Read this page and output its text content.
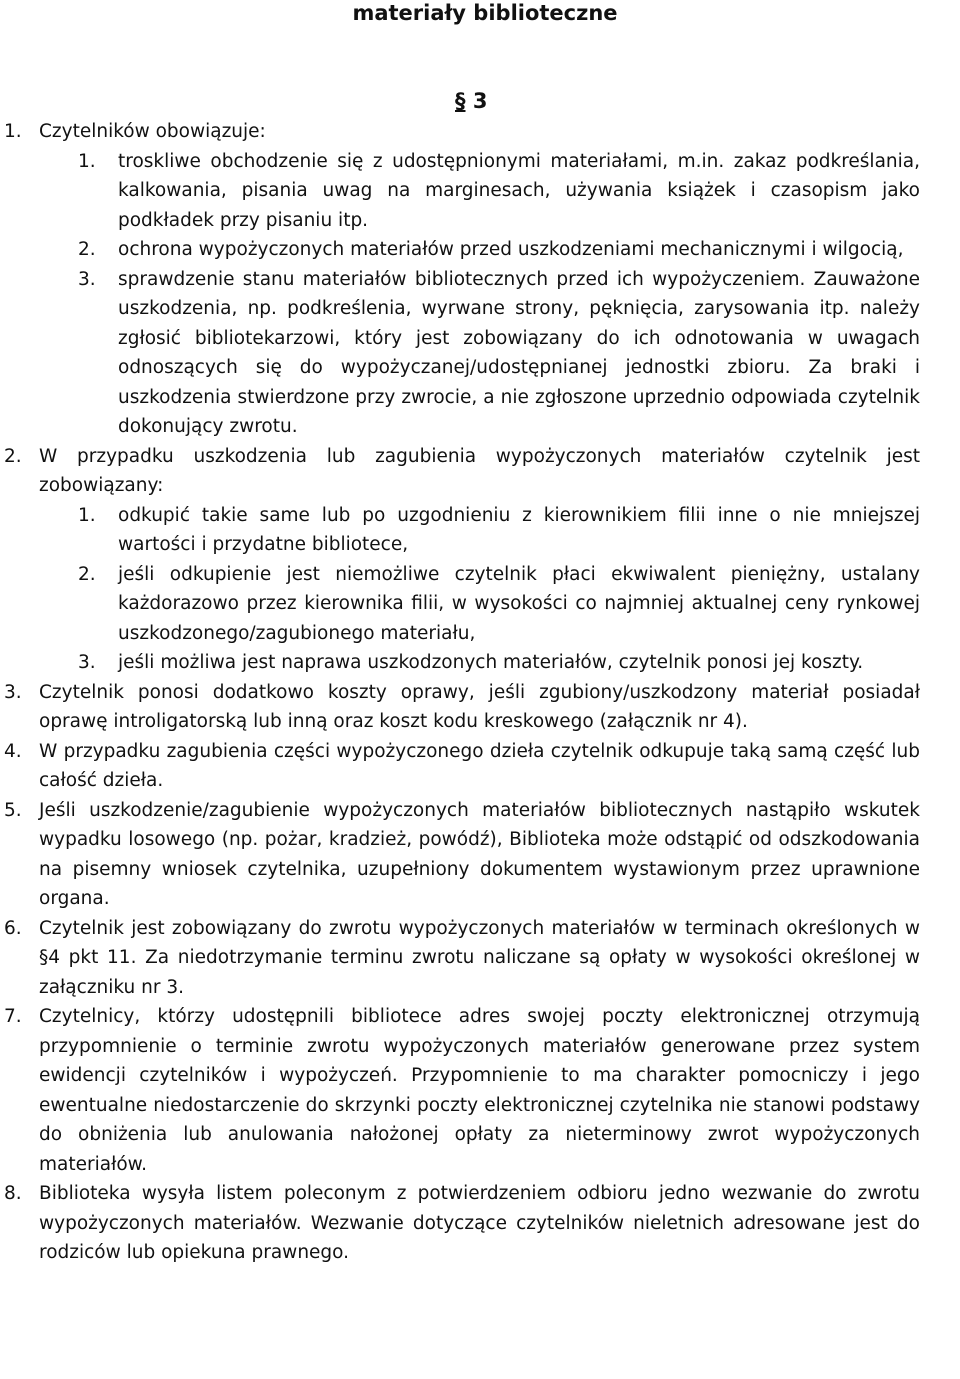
materiały biblioteczne
§ 3
1. Czytelników obowiązuje:
1. troskliwe obchodzenie się z udostępnionymi materiałami, m.in. zakaz podkreślania, kalkowania, pisania uwag na marginesach, używania książek i czasopism jako podkładek przy pisaniu itp.
2. ochrona wypożyczonych materiałów przed uszkodzeniami mechanicznymi i wilgocią,
3. sprawdzenie stanu materiałów bibliotecznych przed ich wypożyczeniem. Zauważone uszkodzenia, np. podkreślenia, wyrwane strony, pęknięcia, zarysowania itp. należy zgłosić bibliotekarzowi, który jest zobowiązany do ich odnotowania w uwagach odnoszących się do wypożyczanej/udostępnianej jednostki zbioru. Za braki i uszkodzenia stwierdzone przy zwrocie, a nie zgłoszone uprzednio odpowiada czytelnik dokonujący zwrotu.
2. W przypadku uszkodzenia lub zagubienia wypożyczonych materiałów czytelnik jest zobowiązany:
1. odkupić takie same lub po uzgodnieniu z kierownikiem filii inne o nie mniejszej wartości i przydatne bibliotece,
2. jeśli odkupienie jest niemożliwe czytelnik płaci ekwiwalent pieniężny, ustalany każdorazowo przez kierownika filii, w wysokości co najmniej aktualnej ceny rynkowej uszkodzonego/zagubionego materiału,
3. jeśli możliwa jest naprawa uszkodzonych materiałów, czytelnik ponosi jej koszty.
3. Czytelnik ponosi dodatkowo koszty oprawy, jeśli zgubiony/uszkodzony materiał posiadał oprawę introligatorską lub inną oraz koszt kodu kreskowego (załącznik nr 4).
4. W przypadku zagubienia części wypożyczonego dzieła czytelnik odkupuje taką samą część lub całość dzieła.
5. Jeśli uszkodzenie/zagubienie wypożyczonych materiałów bibliotecznych nastąpiło wskutek wypadku losowego (np. pożar, kradzież, powódź), Biblioteka może odstąpić od odszkodowania na pisemny wniosek czytelnika, uzupełniony dokumentem wystawionym przez uprawnione organa.
6. Czytelnik jest zobowiązany do zwrotu wypożyczonych materiałów w terminach określonych w §4 pkt 11. Za niedotrzymanie terminu zwrotu naliczane są opłaty w wysokości określonej w załączniku nr 3.
7. Czytelnicy, którzy udostępnili bibliotece adres swojej poczty elektronicznej otrzymują przypomnienie o terminie zwrotu wypożyczonych materiałów generowane przez system ewidencji czytelników i wypożyczeń. Przypomnienie to ma charakter pomocniczy i jego ewentualne niedostarczenie do skrzynki poczty elektronicznej czytelnika nie stanowi podstawy do obniżenia lub anulowania nałożonej opłaty za nieterminowy zwrot wypożyczonych materiałów.
8. Biblioteka wysyła listem poleconym z potwierdzeniem odbioru jedno wezwanie do zwrotu wypożyczonych materiałów. Wezwanie dotyczące czytelników nieletnich adresowane jest do rodziców lub opiekuna prawnego.
